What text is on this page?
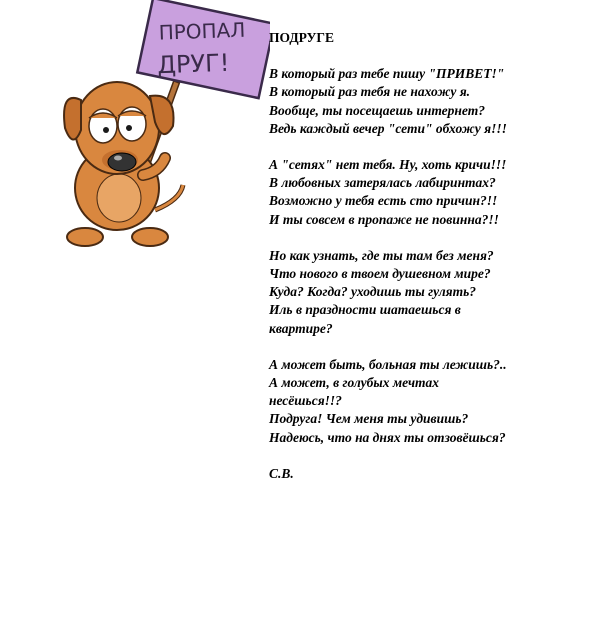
ПРОПАЛ
ДРУГ!
ПОДРУГЕ
В который раз тебе пишу "ПРИВЕТ!"
В который раз тебя не нахожу я.
Вообще, ты посещаешь интернет?
Ведь каждый вечер "сети" обхожу я!!!
А "сетях" нет тебя. Ну, хоть кричи!!!
В любовных затерялась лабиринтах?
Возможно у тебя есть сто причин?!!
И ты совсем в пропаже не повинна?!!
Но как узнать, где ты там без меня?
Что нового в твоем душевном мире?
Куда? Когда? уходишь ты гулять?
Иль в праздности шатаешься в квартире?
А может быть, больная ты лежишь?..
А может, в голубых мечтах несёшься!!?
Подруга! Чем меня ты удивишь?
Надеюсь, что на днях ты отзовёшься?
С.В.
